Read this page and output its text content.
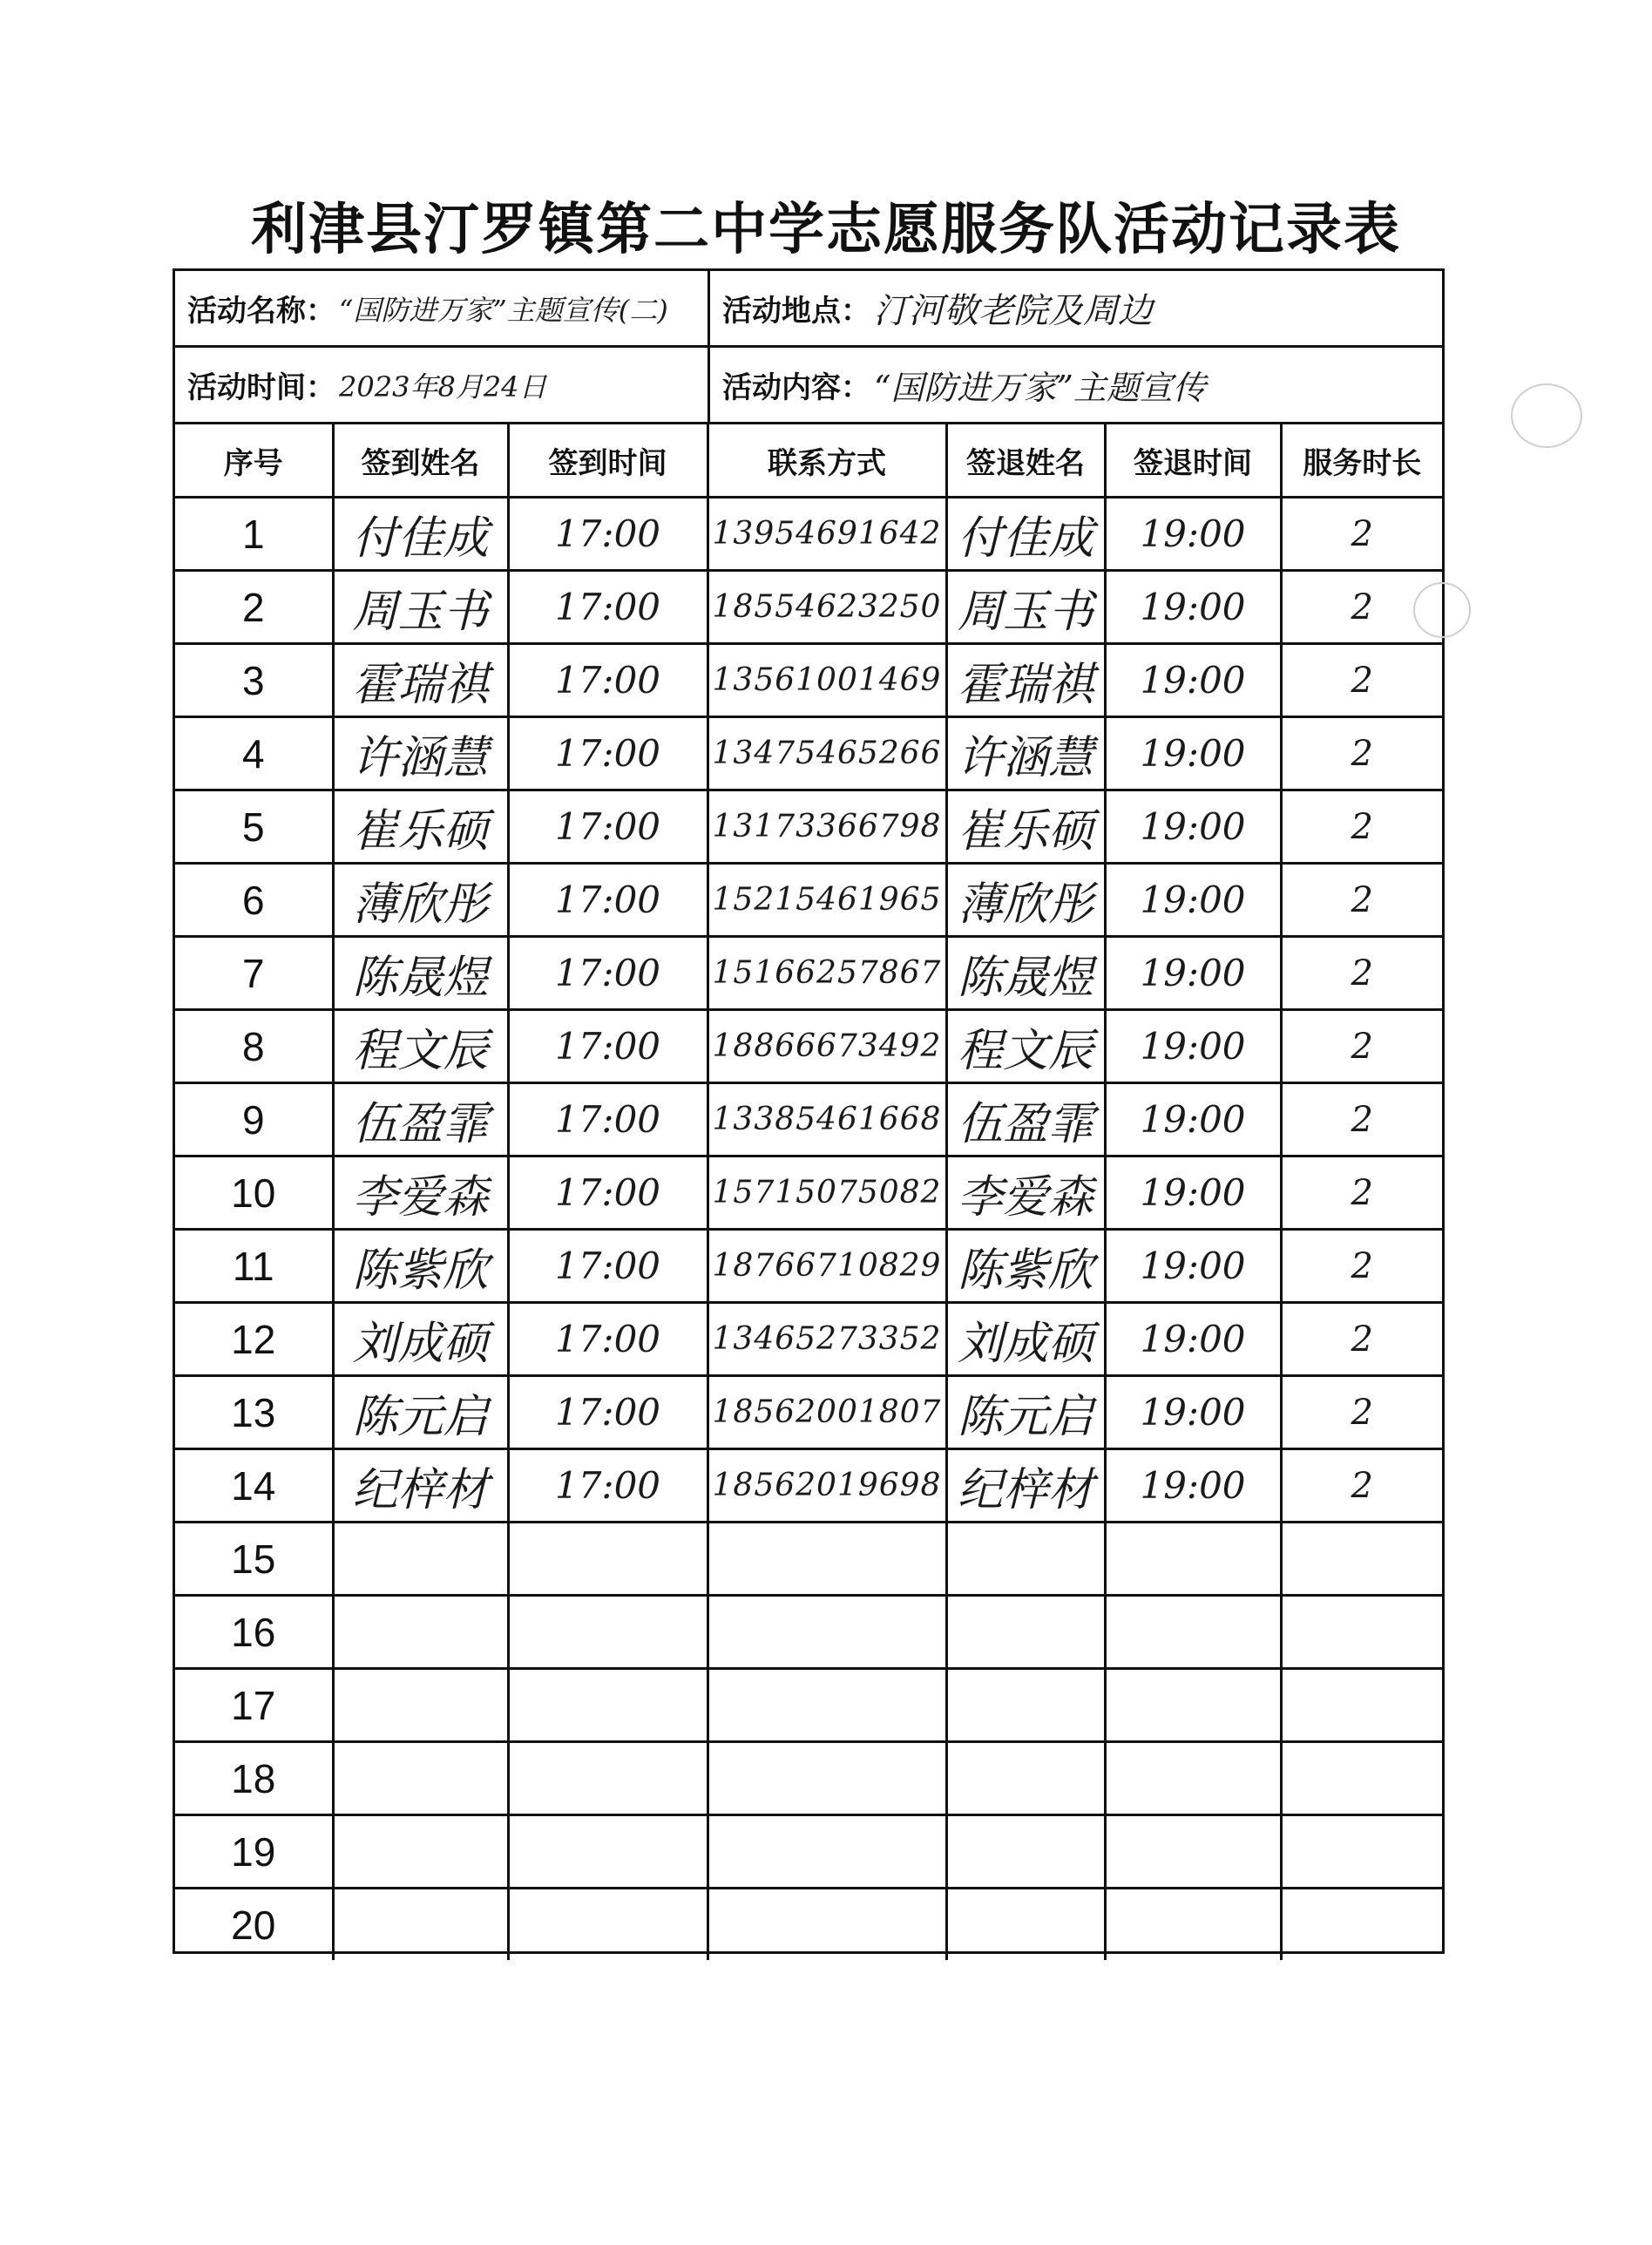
利津县汀罗镇第二中学志愿服务队活动记录表
活动名称： “国防进万家”主题宣传(二) 活动地点： 汀河敬老院及周边
活动时间： 2023年8月24日	活动内容： “国防进万家”主题宣传
序号	签到姓名	签到时间	联系方式	签退姓名	签退时间	服务时长
1	付佳成	17:00	13954691642	付佳成	19:00	2
2	周玉书	17:00	18554623250	周玉书	19:00	2
3	霍瑞祺	17:00	13561001469	霍瑞祺	19:00	2
4	许涵慧	17:00	13475465266	许涵慧	19:00	2
5	崔乐硕	17:00	13173366798	崔乐硕	19:00	2
6	薄欣彤	17:00	15215461965	薄欣彤	19:00	2
7	陈晟煜	17:00	15166257867	陈晟煜	19:00	2
8	程文辰	17:00	18866673492	程文辰	19:00	2
9	伍盈霏	17:00	13385461668	伍盈霏	19:00	2
10	李爱森	17:00	15715075082	李爱森	19:00	2
11	陈紫欣	17:00	18766710829	陈紫欣	19:00	2
12	刘成硕	17:00	13465273352	刘成硕	19:00	2
13	陈元启	17:00	18562001807	陈元启	19:00	2
14	纪梓材	17:00	18562019698	纪梓材	19:00	2
15						
16						
17						
18						
19						
20						
